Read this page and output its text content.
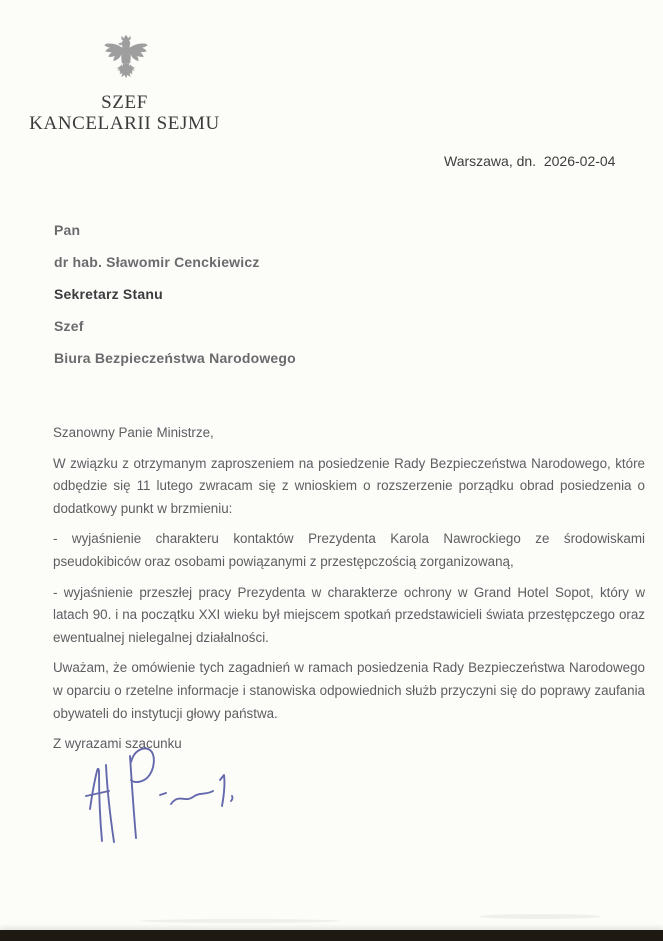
SZEF
KANCELARII SEJMU
Warszawa, dn.  2026-02-04
Pan
dr hab. Sławomir Cenckiewicz
Sekretarz Stanu
Szef
Biura Bezpieczeństwa Narodowego

Szanowny Panie Ministrze,

W związku z otrzymanym zaproszeniem na posiedzenie Rady Bezpieczeństwa Narodowego, które odbędzie się 11 lutego zwracam się z wnioskiem o rozszerzenie porządku obrad posiedzenia o dodatkowy punkt w brzmieniu:

- wyjaśnienie charakteru kontaktów Prezydenta Karola Nawrockiego ze środowiskami pseudokibiców oraz osobami powiązanymi z przestępczością zorganizowaną,

- wyjaśnienie przeszłej pracy Prezydenta w charakterze ochrony w Grand Hotel Sopot, który w latach 90. i na początku XXI wieku był miejscem spotkań przedstawicieli świata przestępczego oraz ewentualnej nielegalnej działalności.

Uważam, że omówienie tych zagadnień w ramach posiedzenia Rady Bezpieczeństwa Narodowego w oparciu o rzetelne informacje i stanowiska odpowiednich służb przyczyni się do poprawy zaufania obywateli do instytucji głowy państwa.

Z wyrazami szacunku
